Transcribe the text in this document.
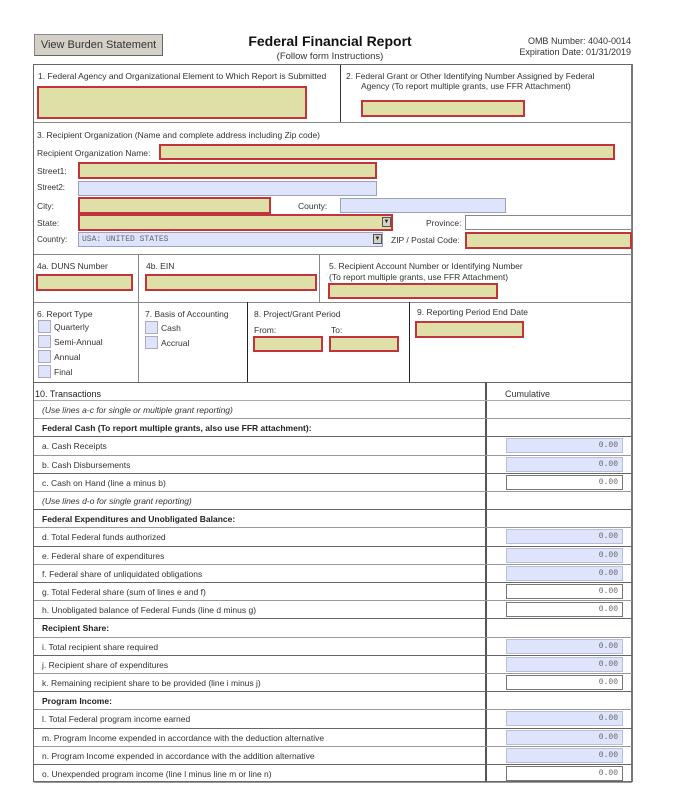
View Burden Statement	Federal Financial Report
(Follow form Instructions)
OMB Number: 4040-0014
Expiration Date: 01/31/2019
1. Federal Agency and Organizational Element to Which Report is Submitted 2. Federal Grant or Other Identifying Number Assigned by Federal
Agency (To report multiple grants, use FFR Attachment)
3. Recipient Organization (Name and complete address including Zip code)
Recipient Organization Name:
Street1:
Street2:
City:	County:
State:	▼	Province:
Country: USA: UNITED STATES	▼ ZIP / Postal Code:
4a. DUNS Number	4b. EIN	5. Recipient Account Number or Identifying Number
(To report multiple grants, use FFR Attachment)
6. Report Type
Quarterly
Semi-Annual
Annual
Final
7. Basis of Accounting
Cash
Accrual
8. Project/Grant Period
From:	To:
9. Reporting Period End Date
10. Transactions	Cumulative
(Use lines a-c for single or multiple grant reporting)
Federal Cash (To report multiple grants, also use FFR attachment):
a. Cash Receipts	0.00
b. Cash Disbursements	0.00
c. Cash on Hand (line a minus b)	0.00
(Use lines d-o for single grant reporting)
Federal Expenditures and Unobligated Balance:
d. Total Federal funds authorized	0.00
e. Federal share of expenditures	0.00
f. Federal share of unliquidated obligations	0.00
g. Total Federal share (sum of lines e and f)	0.00
h. Unobligated balance of Federal Funds (line d minus g)	0.00
Recipient Share:
i. Total recipient share required	0.00
j. Recipient share of expenditures	0.00
k. Remaining recipient share to be provided (line i minus j)	0.00
Program Income:
l. Total Federal program income earned	0.00
m. Program Income expended in accordance with the deduction alternative	0.00
n. Program Income expended in accordance with the addition alternative	0.00
o. Unexpended program income (line l minus line m or line n)	0.00
